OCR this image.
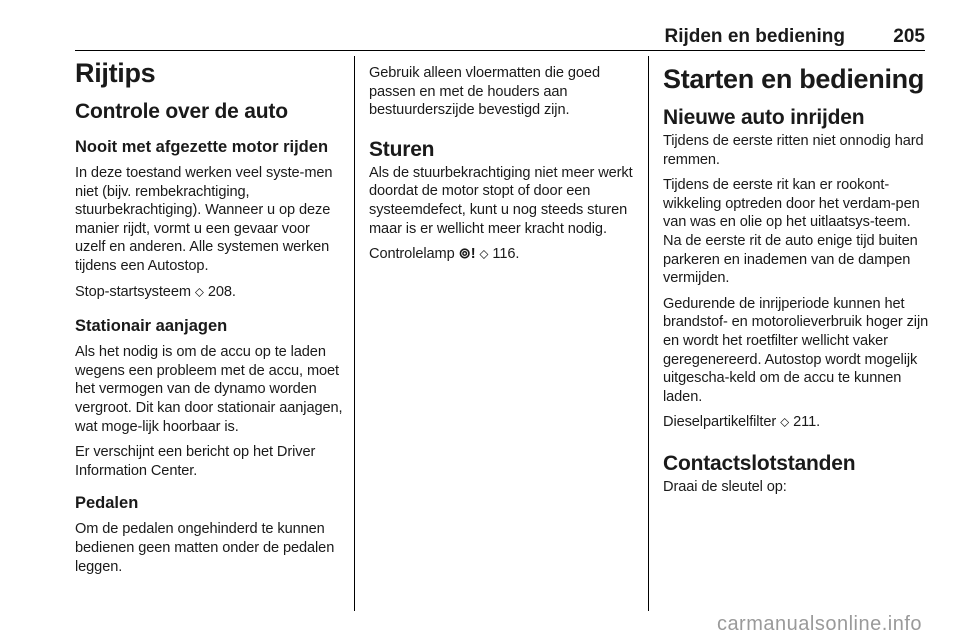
Rijden en bediening	205
Rijtips
Controle over de auto
Nooit met afgezette motor rijden

In deze toestand werken veel syste-men niet (bijv. rembekrachtiging, stuurbekrachtiging). Wanneer u op deze manier rijdt, vormt u een gevaar voor uzelf en anderen. Alle systemen werken tijdens een Autostop.

Stop-startsysteem ⬦ 208.

Stationair aanjagen

Als het nodig is om de accu op te laden wegens een probleem met de accu, moet het vermogen van de dynamo worden vergroot. Dit kan door stationair aanjagen, wat moge-lijk hoorbaar is.

Er verschijnt een bericht op het Driver Information Center.

Pedalen

Om de pedalen ongehinderd te kunnen bedienen geen matten onder de pedalen leggen.

Gebruik alleen vloermatten die goed passen en met de houders aan bestuurderszijde bevestigd zijn.

Sturen

Als de stuurbekrachtiging niet meer werkt doordat de motor stopt of door een systeemdefect, kunt u nog steeds sturen maar is er wellicht meer kracht nodig.

Controlelamp ⊚! ⬦ 116.

Starten en bediening
Nieuwe auto inrijden

Tijdens de eerste ritten niet onnodig hard remmen.

Tijdens de eerste rit kan er rookont-wikkeling optreden door het verdam-pen van was en olie op het uitlaatsys-teem. Na de eerste rit de auto enige tijd buiten parkeren en inademen van de dampen vermijden.

Gedurende de inrijperiode kunnen het brandstof- en motorolieverbruik hoger zijn en wordt het roetfilter wellicht vaker geregenereerd. Autostop wordt mogelijk uitgescha-keld om de accu te kunnen laden.

Dieselpartikelfilter ⬦ 211.

Contactslotstanden

Draai de sleutel op:

carmanualsonline.info
